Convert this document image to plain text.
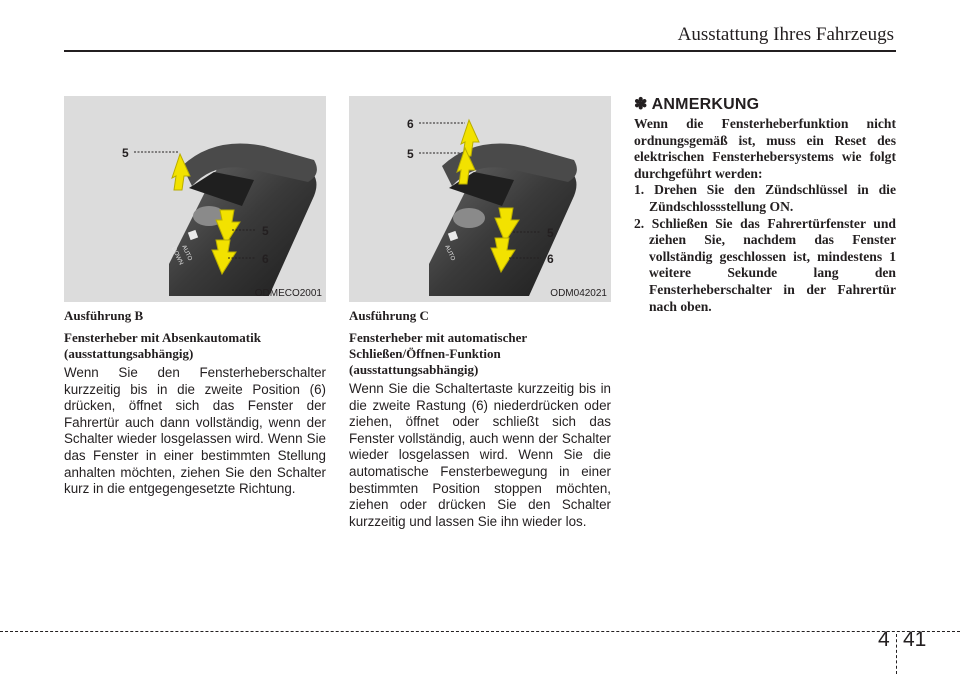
Ausstattung Ihres Fahrzeugs
AUTO
DOWN
5
5
6
ODMECO2001
AUTO
6
5
5
6
ODM042021
Ausführung B
Fensterheber mit Absenkautomatik
(ausstattungsabhängig)

Wenn Sie den Fensterheberschalter kurzzeitig bis in die zweite Position (6) drücken, öffnet sich das Fenster der Fahrertür auch dann vollständig, wenn der Schalter wieder losgelassen wird. Wenn Sie das Fenster in einer bestimmten Stellung anhalten möchten, ziehen Sie den Schalter kurz in die entgegengesetzte Richtung.

Ausführung C
Fensterheber mit automatischer
Schließen/Öffnen-Funktion
(ausstattungsabhängig)

Wenn Sie die Schaltertaste kurzzeitig bis in die zweite Rastung (6) niederdrücken oder ziehen, öffnet oder schließt sich das Fenster vollständig, auch wenn der Schalter wieder losgelassen wird. Wenn Sie die automatische Fensterbewegung in einer bestimmten Position stoppen möchten, ziehen oder drücken Sie den Schalter kurzzeitig und lassen Sie ihn wieder los.

✽ ANMERKUNG

Wenn die Fensterheberfunktion nicht ordnungsgemäß ist, muss ein Reset des elektrischen Fensterhebersystems wie folgt durchgeführt werden:

1. Drehen Sie den Zündschlüssel in die Zündschlossstellung ON.
2. Schließen Sie das Fahrertürfenster und ziehen Sie, nachdem das Fenster vollständig geschlossen ist, mindestens 1 weitere Sekunde lang den Fensterheberschalter in der Fahrertür nach oben.
4 41
